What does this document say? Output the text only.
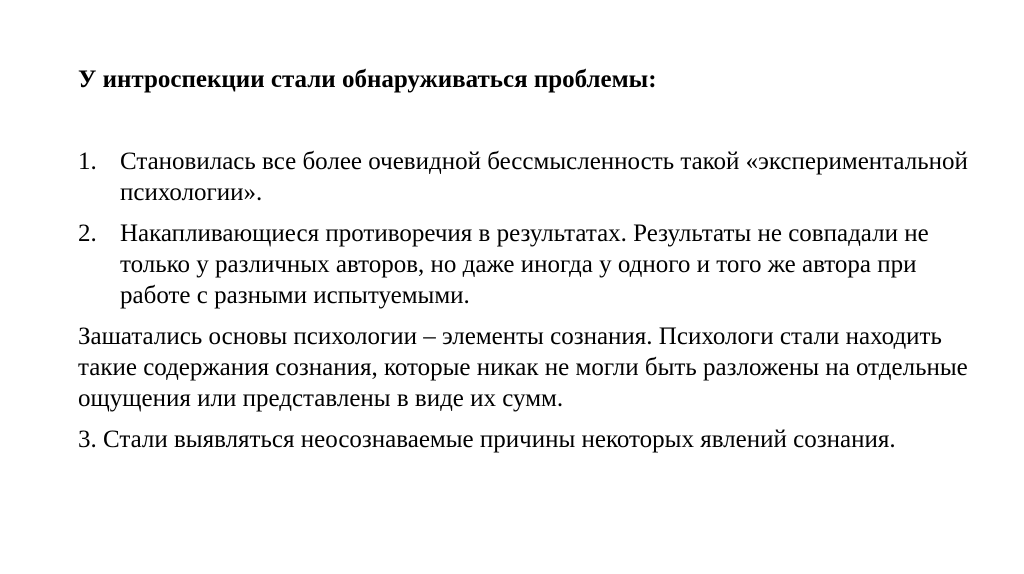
У интроспекции стали обнаруживаться проблемы:
1. Становилась все более очевидной бессмысленность такой «экспериментальной психологии».
2. Накапливающиеся противоречия в результатах. Результаты не совпадали не только у различных авторов, но даже иногда у одного и того же автора при работе с разными испытуемыми.

Зашатались основы психологии – элементы сознания. Психологи стали находить такие содержания сознания, которые никак не могли быть разложены на отдельные ощущения или представлены в виде их сумм.

3. Стали выявляться неосознаваемые причины некоторых явлений сознания.
